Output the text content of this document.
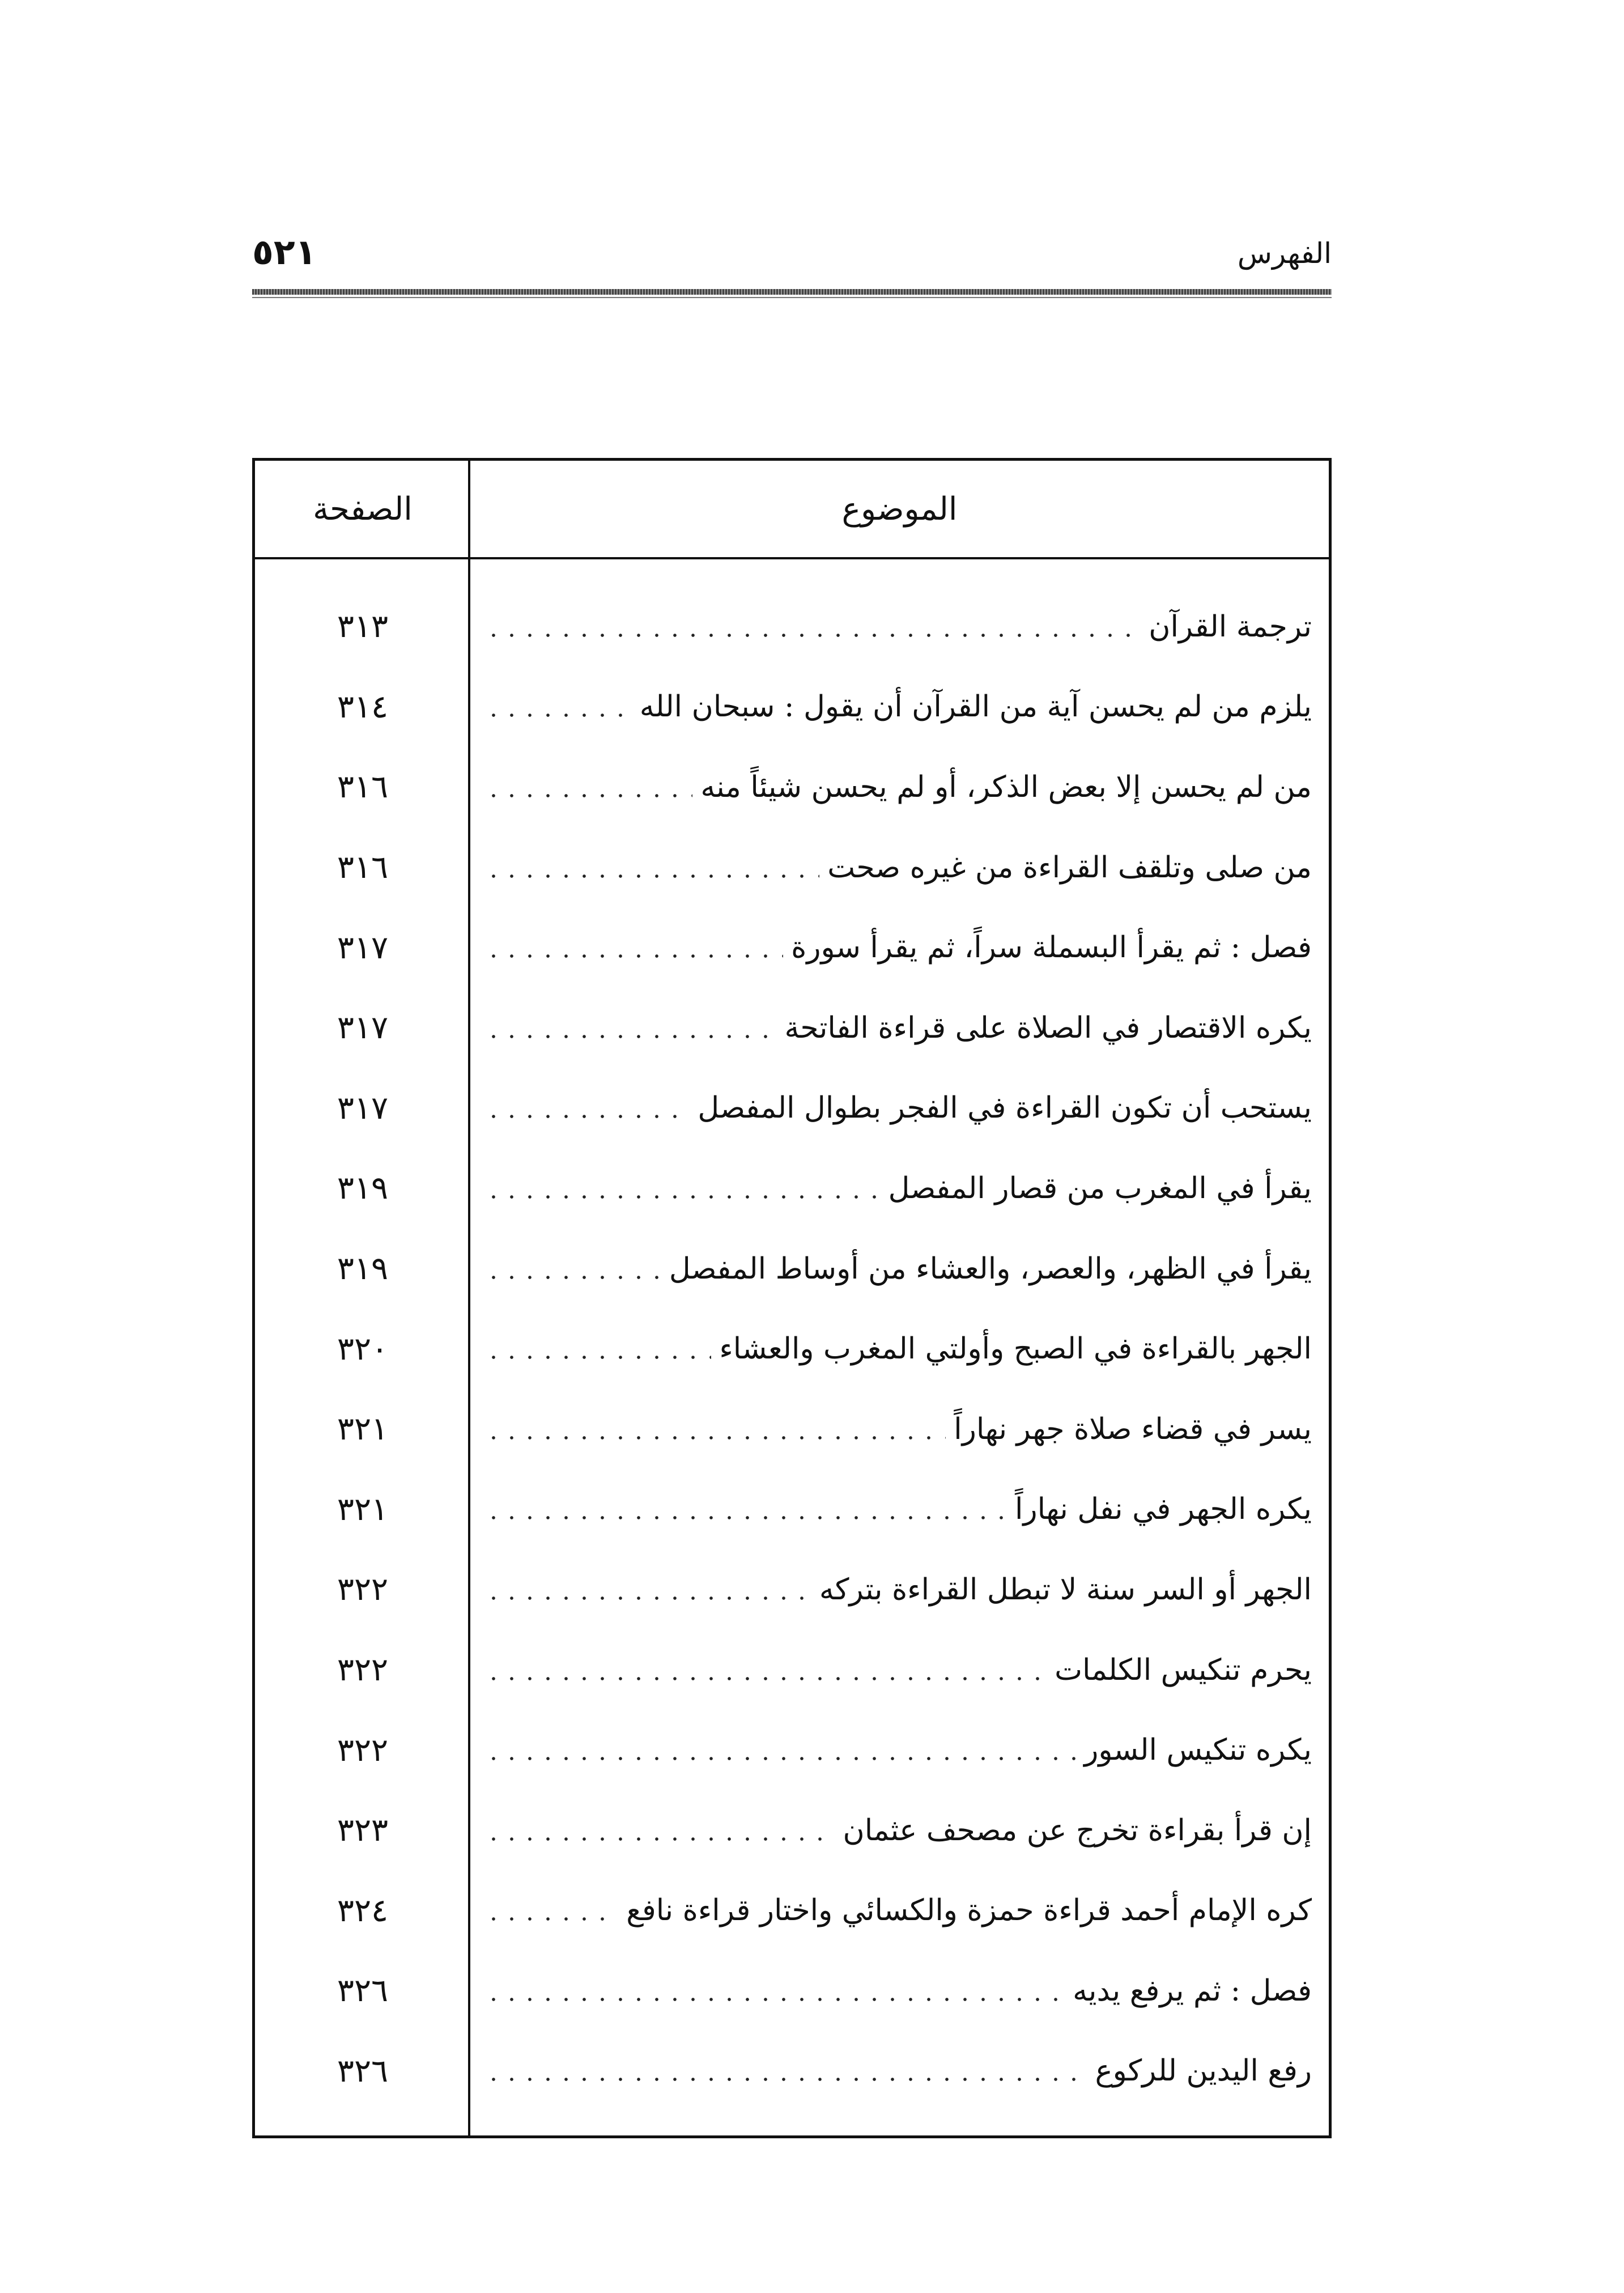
٥٢١	الفهرس
الموضوع
الصفحة
ترجمة القرآن
٣١٣
يلزم من لم يحسن آية من القرآن أن يقول : سبحان الله
٣١٤
من لم يحسن إلا بعض الذكر، أو لم يحسن شيئاً منه
٣١٦
من صلى وتلقف القراءة من غيره صحت
٣١٦
فصل : ثم يقرأ البسملة سراً، ثم يقرأ سورة
٣١٧
يكره الاقتصار في الصلاة على قراءة الفاتحة
٣١٧
يستحب أن تكون القراءة في الفجر بطوال المفصل
٣١٧
يقرأ في المغرب من قصار المفصل
٣١٩
يقرأ في الظهر، والعصر، والعشاء من أوساط المفصل
٣١٩
الجهر بالقراءة في الصبح وأولتي المغرب والعشاء
٣٢٠
يسر في قضاء صلاة جهر نهاراً
٣٢١
يكره الجهر في نفل نهاراً
٣٢١
الجهر أو السر سنة لا تبطل القراءة بتركه
٣٢٢
يحرم تنكيس الكلمات
٣٢٢
يكره تنكيس السور
٣٢٢
إن قرأ بقراءة تخرج عن مصحف عثمان
٣٢٣
كره الإمام أحمد قراءة حمزة والكسائي واختار قراءة نافع
٣٢٤
فصل : ثم يرفع يديه
٣٢٦
رفع اليدين للركوع
٣٢٦
